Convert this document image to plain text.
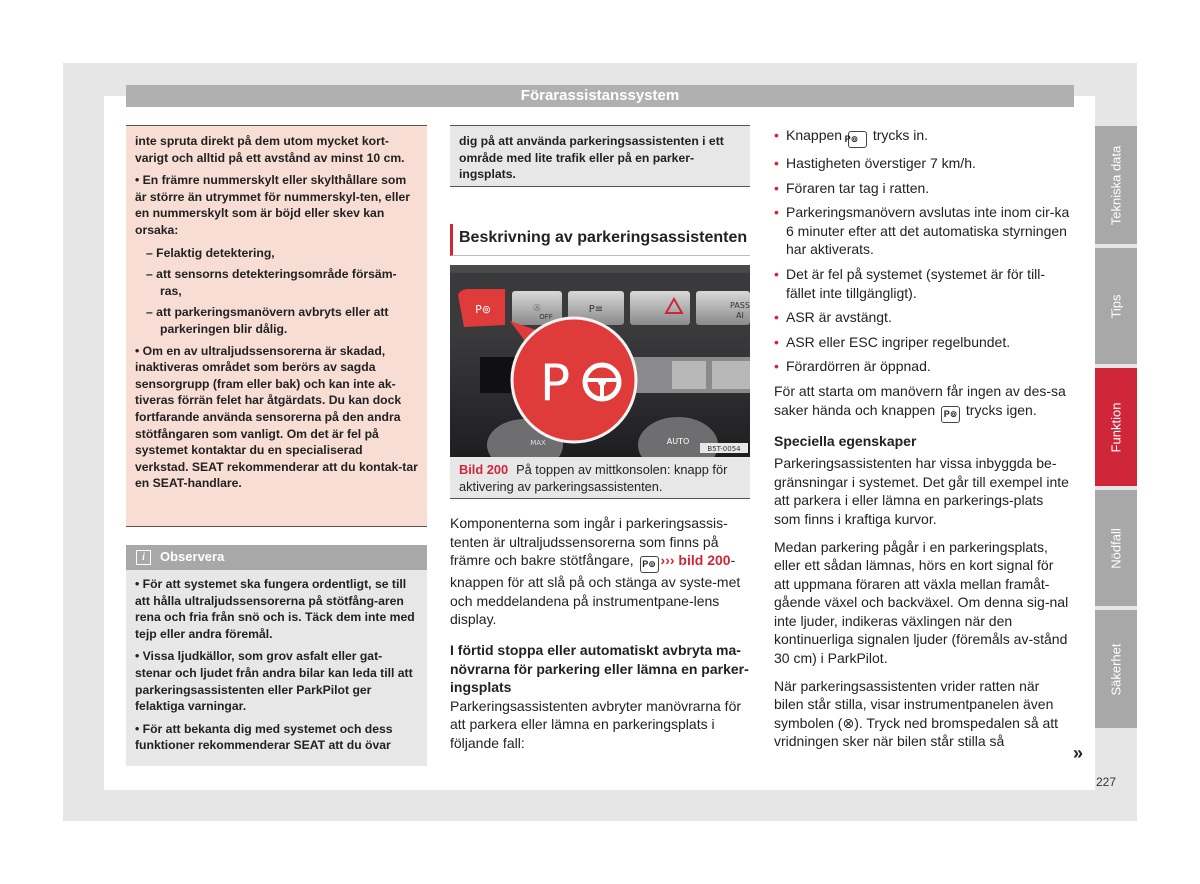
Förarassistanssystem

inte spruta direkt på dem utom mycket kort-varigt och alltid på ett avstånd av minst 10 cm.

• En främre nummerskylt eller skylthållare som är större än utrymmet för nummerskyl-ten, eller en nummerskylt som är böjd eller skev kan orsaka:

– Felaktig detektering,

– att sensorns detekteringsområde försäm-ras,

– att parkeringsmanövern avbryts eller att parkeringen blir dålig.

• Om en av ultraljudssensorerna är skadad, inaktiveras området som berörs av sagda sensorgrupp (fram eller bak) och kan inte ak-tiveras förrän felet har åtgärdats. Du kan dock fortfarande använda sensorerna på den andra stötfångaren som vanligt. Om det är fel på systemet kontaktar du en specialiserad verkstad. SEAT rekommenderar att du kontak-tar en SEAT-handlare.

i	Observera

• För att systemet ska fungera ordentligt, se till att hålla ultraljudssensorerna på stötfång-aren rena och fria från snö och is. Täck dem inte med tejp eller andra föremål.

• Vissa ljudkällor, som grov asfalt eller gat-stenar och ljudet från andra bilar kan leda till att parkeringsassistenten eller ParkPilot ger felaktiga varningar.

• För att bekanta dig med systemet och dess funktioner rekommenderar SEAT att du övar

dig på att använda parkeringsassistenten i ett område med lite trafik eller på en parker-ingsplats.
Beskrivning av parkeringsassistenten
P⊚	Ⓐ
OFF
P≡	PASS
AI
MAX	AUTO
P
B5T-0054
Bild 200 På toppen av mittkonsolen: knapp för aktivering av parkeringsassistenten.

Komponenterna som ingår i parkeringsassis-tenten är ultraljudssensorerna som finns på främre och bakre stötfångare, P⊚ ››› bild 200-knappen för att slå på och stänga av syste-met och meddelandena på instrumentpane-lens display.

I förtid stoppa eller automatiskt avbryta ma-növrarna för parkering eller lämna en parker-ingsplats

Parkeringsassistenten avbryter manövrarna för att parkera eller lämna en parkeringsplats i följande fall:

• Knappen P⊚ trycks in.

• Hastigheten överstiger 7 km/h.

• Föraren tar tag i ratten.

• Parkeringsmanövern avslutas inte inom cir-ka 6 minuter efter att det automatiska styrningen har aktiverats.

• Det är fel på systemet (systemet är för till-fället inte tillgängligt).

• ASR är avstängt.

• ASR eller ESC ingriper regelbundet.

• Förardörren är öppnad.

För att starta om manövern får ingen av des-sa saker hända och knappen P⊚ trycks igen.

Speciella egenskaper

Parkeringsassistenten har vissa inbyggda be-gränsningar i systemet. Det går till exempel inte att parkera i eller lämna en parkerings-plats som finns i kraftiga kurvor.

Medan parkering pågår i en parkeringsplats, eller ett sådan lämnas, hörs en kort signal för att uppmana föraren att växla mellan framåt-gående växel och backväxel. Om denna sig-nal inte ljuder, indikeras växlingen när den kontinuerliga signalen ljuder (föremåls av-stånd 30 cm) i ParkPilot.

När parkeringsassistenten vrider ratten när bilen står stilla, visar instrumentpanelen även symbolen (⊗). Tryck ned bromspedalen så att vridningen sker när bilen står stilla så

»
227
Tekniska data
Tips
Funktion
Nödfall
Säkerhet
